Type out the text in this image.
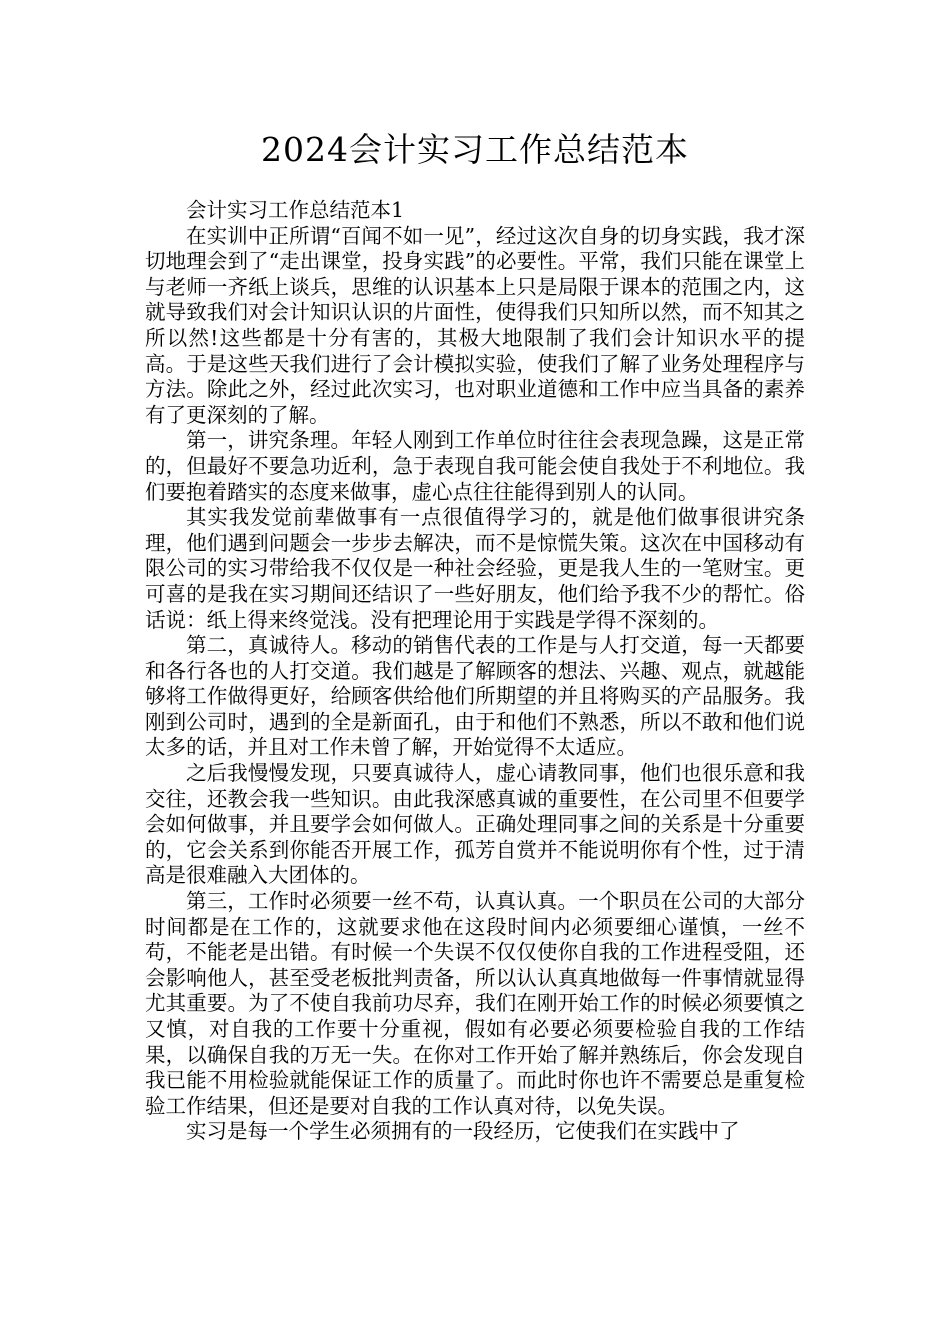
2024会计实习工作总结范本

会计实习工作总结范本1

在实训中正所谓“百闻不如一见”，经过这次自身的切身实践，我才深切地理会到了“走出课堂，投身实践”的必要性。平常，我们只能在课堂上与老师一齐纸上谈兵，思维的认识基本上只是局限于课本的范围之内，这就导致我们对会计知识认识的片面性，使得我们只知所以然，而不知其之所以然!这些都是十分有害的，其极大地限制了我们会计知识水平的提高。于是这些天我们进行了会计模拟实验，使我们了解了业务处理程序与方法。除此之外，经过此次实习，也对职业道德和工作中应当具备的素养有了更深刻的了解。

第一，讲究条理。年轻人刚到工作单位时往往会表现急躁，这是正常的，但最好不要急功近利，急于表现自我可能会使自我处于不利地位。我们要抱着踏实的态度来做事，虚心点往往能得到别人的认同。

其实我发觉前辈做事有一点很值得学习的，就是他们做事很讲究条理，他们遇到问题会一步步去解决，而不是惊慌失策。这次在中国移动有限公司的实习带给我不仅仅是一种社会经验，更是我人生的一笔财宝。更可喜的是我在实习期间还结识了一些好朋友，他们给予我不少的帮忙。俗话说：纸上得来终觉浅。没有把理论用于实践是学得不深刻的。

第二，真诚待人。移动的销售代表的工作是与人打交道，每一天都要和各行各也的人打交道。我们越是了解顾客的想法、兴趣、观点，就越能够将工作做得更好，给顾客供给他们所期望的并且将购买的产品服务。我刚到公司时，遇到的全是新面孔，由于和他们不熟悉，所以不敢和他们说太多的话，并且对工作未曾了解，开始觉得不太适应。

之后我慢慢发现，只要真诚待人，虚心请教同事，他们也很乐意和我交往，还教会我一些知识。由此我深感真诚的重要性，在公司里不但要学会如何做事，并且要学会如何做人。正确处理同事之间的关系是十分重要的，它会关系到你能否开展工作，孤芳自赏并不能说明你有个性，过于清高是很难融入大团体的。

第三，工作时必须要一丝不苟，认真认真。一个职员在公司的大部分时间都是在工作的，这就要求他在这段时间内必须要细心谨慎，一丝不苟，不能老是出错。有时候一个失误不仅仅使你自我的工作进程受阻，还会影响他人，甚至受老板批判责备，所以认认真真地做每一件事情就显得尤其重要。为了不使自我前功尽弃，我们在刚开始工作的时候必须要慎之又慎，对自我的工作要十分重视，假如有必要必须要检验自我的工作结果，以确保自我的万无一失。在你对工作开始了解并熟练后，你会发现自我已能不用检验就能保证工作的质量了。而此时你也许不需要总是重复检验工作结果，但还是要对自我的工作认真对待，以免失误。

实习是每一个学生必须拥有的一段经历，它使我们在实践中了
